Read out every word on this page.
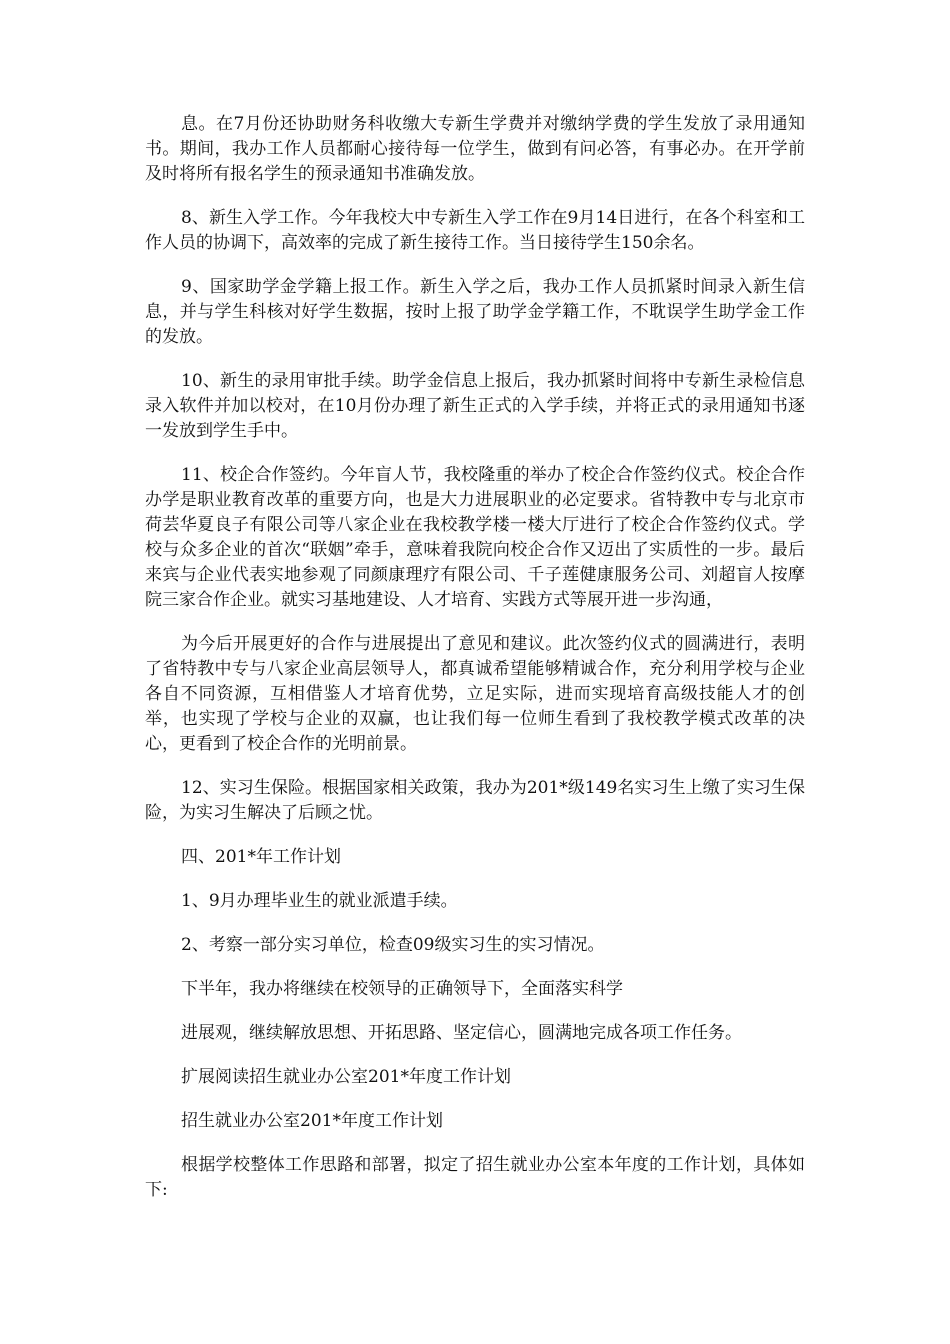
息。在7月份还协助财务科收缴大专新生学费并对缴纳学费的学生发放了录用通知书。期间，我办工作人员都耐心接待每一位学生，做到有问必答，有事必办。在开学前及时将所有报名学生的预录通知书准确发放。

8、新生入学工作。今年我校大中专新生入学工作在9月14日进行，在各个科室和工作人员的协调下，高效率的完成了新生接待工作。当日接待学生150余名。

9、国家助学金学籍上报工作。新生入学之后，我办工作人员抓紧时间录入新生信息，并与学生科核对好学生数据，按时上报了助学金学籍工作，不耽误学生助学金工作的发放。

10、新生的录用审批手续。助学金信息上报后，我办抓紧时间将中专新生录检信息录入软件并加以校对，在10月份办理了新生正式的入学手续，并将正式的录用通知书逐一发放到学生手中。

11、校企合作签约。今年盲人节，我校隆重的举办了校企合作签约仪式。校企合作办学是职业教育改革的重要方向，也是大力进展职业的必定要求。省特教中专与北京市荷芸华夏良子有限公司等八家企业在我校教学楼一楼大厅进行了校企合作签约仪式。学校与众多企业的首次“联姻”牵手，意味着我院向校企合作又迈出了实质性的一步。最后来宾与企业代表实地参观了同颜康理疗有限公司、千子莲健康服务公司、刘超盲人按摩院三家合作企业。就实习基地建设、人才培育、实践方式等展开进一步沟通，

为今后开展更好的合作与进展提出了意见和建议。此次签约仪式的圆满进行，表明了省特教中专与八家企业高层领导人，都真诚希望能够精诚合作，充分利用学校与企业各自不同资源，互相借鉴人才培育优势，立足实际，进而实现培育高级技能人才的创举，也实现了学校与企业的双赢，也让我们每一位师生看到了我校教学模式改革的决心，更看到了校企合作的光明前景。

12、实习生保险。根据国家相关政策，我办为201*级149名实习生上缴了实习生保险，为实习生解决了后顾之忧。

四、201*年工作计划

1、9月办理毕业生的就业派遣手续。

2、考察一部分实习单位，检查09级实习生的实习情况。

下半年，我办将继续在校领导的正确领导下，全面落实科学

进展观，继续解放思想、开拓思路、坚定信心，圆满地完成各项工作任务。

扩展阅读招生就业办公室201*年度工作计划

招生就业办公室201*年度工作计划

根据学校整体工作思路和部署，拟定了招生就业办公室本年度的工作计划，具体如下:
